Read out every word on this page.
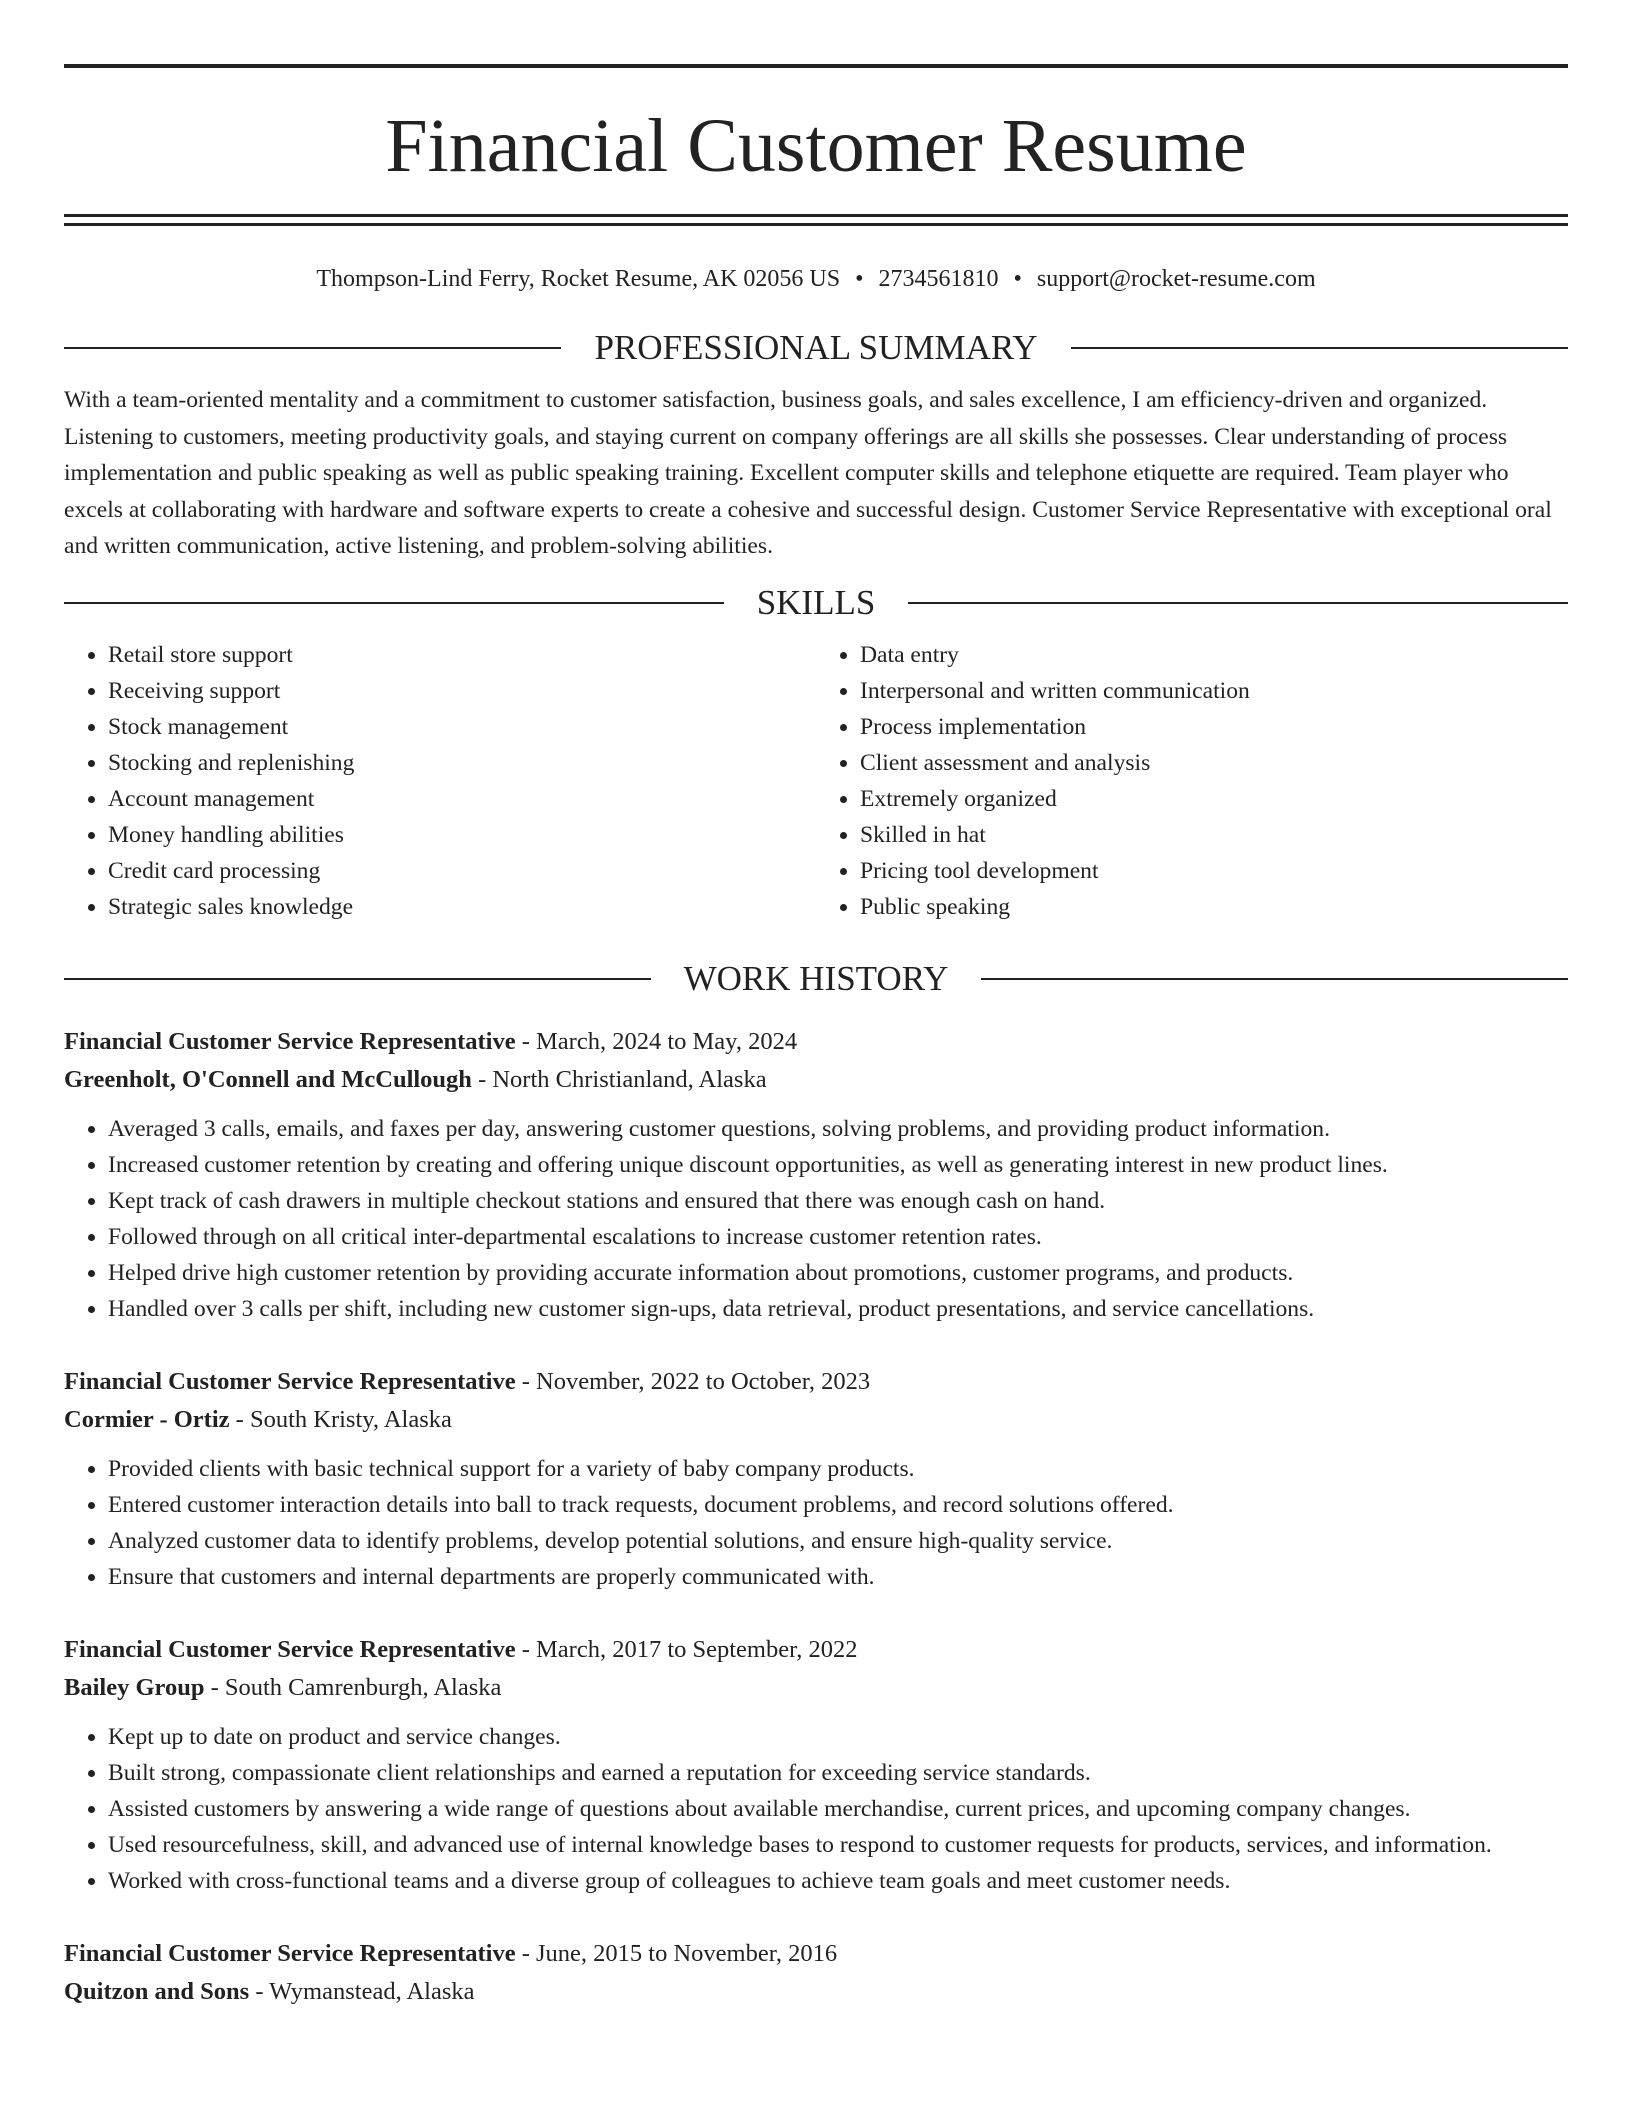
Financial Customer Resume
Thompson-Lind Ferry, Rocket Resume, AK 02056 US • 2734561810 • support@rocket-resume.com
PROFESSIONAL SUMMARY
With a team-oriented mentality and a commitment to customer satisfaction, business goals, and sales excellence, I am efficiency-driven and organized. Listening to customers, meeting productivity goals, and staying current on company offerings are all skills she possesses. Clear understanding of process implementation and public speaking as well as public speaking training. Excellent computer skills and telephone etiquette are required. Team player who excels at collaborating with hardware and software experts to create a cohesive and successful design. Customer Service Representative with exceptional oral and written communication, active listening, and problem-solving abilities.
SKILLS
• Retail store support
• Receiving support
• Stock management
• Stocking and replenishing
• Account management
• Money handling abilities
• Credit card processing
• Strategic sales knowledge
• Data entry
• Interpersonal and written communication
• Process implementation
• Client assessment and analysis
• Extremely organized
• Skilled in hat
• Pricing tool development
• Public speaking
WORK HISTORY
Financial Customer Service Representative - March, 2024 to May, 2024
Greenholt, O'Connell and McCullough - North Christianland, Alaska
• Averaged 3 calls, emails, and faxes per day, answering customer questions, solving problems, and providing product information.
• Increased customer retention by creating and offering unique discount opportunities, as well as generating interest in new product lines.
• Kept track of cash drawers in multiple checkout stations and ensured that there was enough cash on hand.
• Followed through on all critical inter-departmental escalations to increase customer retention rates.
• Helped drive high customer retention by providing accurate information about promotions, customer programs, and products.
• Handled over 3 calls per shift, including new customer sign-ups, data retrieval, product presentations, and service cancellations.
Financial Customer Service Representative - November, 2022 to October, 2023
Cormier - Ortiz - South Kristy, Alaska
• Provided clients with basic technical support for a variety of baby company products.
• Entered customer interaction details into ball to track requests, document problems, and record solutions offered.
• Analyzed customer data to identify problems, develop potential solutions, and ensure high-quality service.
• Ensure that customers and internal departments are properly communicated with.
Financial Customer Service Representative - March, 2017 to September, 2022
Bailey Group - South Camrenburgh, Alaska
• Kept up to date on product and service changes.
• Built strong, compassionate client relationships and earned a reputation for exceeding service standards.
• Assisted customers by answering a wide range of questions about available merchandise, current prices, and upcoming company changes.
• Used resourcefulness, skill, and advanced use of internal knowledge bases to respond to customer requests for products, services, and information.
• Worked with cross-functional teams and a diverse group of colleagues to achieve team goals and meet customer needs.
Financial Customer Service Representative - June, 2015 to November, 2016
Quitzon and Sons - Wymanstead, Alaska
